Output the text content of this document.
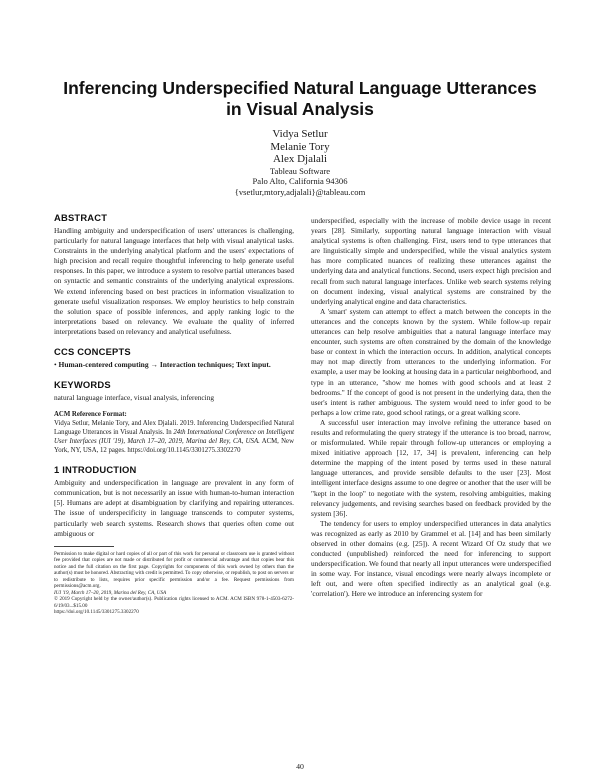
Inferencing Underspecified Natural Language Utterances in Visual Analysis
Vidya Setlur
Melanie Tory
Alex Djalali
Tableau Software
Palo Alto, California 94306
{vsetlur,mtory,adjalali}@tableau.com
ABSTRACT

Handling ambiguity and underspecification of users' utterances is challenging, particularly for natural language interfaces that help with visual analytical tasks. Constraints in the underlying analytical platform and the users' expectations of high precision and recall require thoughtful inferencing to help generate useful responses. In this paper, we introduce a system to resolve partial utterances based on syntactic and semantic constraints of the underlying analytical expressions. We extend inferencing based on best practices in information visualization to generate useful visualization responses. We employ heuristics to help constrain the solution space of possible inferences, and apply ranking logic to the interpretations based on relevancy. We evaluate the quality of inferred interpretations based on relevancy and analytical usefulness.

CCS CONCEPTS

• Human-centered computing → Interaction techniques; Text input.

KEYWORDS

natural language interface, visual analysis, inferencing

ACM Reference Format:

Vidya Setlur, Melanie Tory, and Alex Djalali. 2019. Inferencing Underspecified Natural Language Utterances in Visual Analysis. In 24th International Conference on Intelligent User Interfaces (IUI '19), March 17–20, 2019, Marina del Rey, CA, USA. ACM, New York, NY, USA, 12 pages. https://doi.org/10.1145/3301275.3302270

1 INTRODUCTION

Ambiguity and underspecification in language are prevalent in any form of communication, but is not necessarily an issue with human-to-human interaction [5]. Humans are adept at disambiguation by clarifying and repairing utterances. The issue of underspecificity in language transcends to computer systems, particularly web search systems. Research shows that queries often come out ambiguous or

Permission to make digital or hard copies of all or part of this work for personal or classroom use is granted without fee provided that copies are not made or distributed for profit or commercial advantage and that copies bear this notice and the full citation on the first page. Copyrights for components of this work owned by others than the author(s) must be honored. Abstracting with credit is permitted. To copy otherwise, or republish, to post on servers or to redistribute to lists, requires prior specific permission and/or a fee. Request permissions from permissions@acm.org.

IUI '19, March 17–20, 2019, Marina del Rey, CA, USA

© 2019 Copyright held by the owner/author(s). Publication rights licensed to ACM. ACM ISBN 978-1-4503-6272-6/19/03...$15.00

https://doi.org/10.1145/3301275.3302270

underspecified, especially with the increase of mobile device usage in recent years [28]. Similarly, supporting natural language interaction with visual analytical systems is often challenging. First, users tend to type utterances that are linguistically simple and underspecified, while the visual analytics system has more complicated nuances of realizing these utterances against the underlying data and analytical functions. Second, users expect high precision and recall from such natural language interfaces. Unlike web search systems relying on document indexing, visual analytical systems are constrained by the underlying analytical engine and data characteristics.

A 'smart' system can attempt to effect a match between the concepts in the utterances and the concepts known by the system. While follow-up repair utterances can help resolve ambiguities that a natural language interface may encounter, such systems are often constrained by the domain of the knowledge base or context in which the interaction occurs. In addition, analytical concepts may not map directly from utterances to the underlying information. For example, a user may be looking at housing data in a particular neighborhood, and type in an utterance, "show me homes with good schools and at least 2 bedrooms." If the concept of good is not present in the underlying data, then the user's intent is rather ambiguous. The system would need to infer good to be perhaps a low crime rate, good school ratings, or a great walking score.

A successful user interaction may involve refining the utterance based on results and reformulating the query strategy if the utterance is too broad, narrow, or misformulated. While repair through follow-up utterances or employing a mixed initiative approach [12, 17, 34] is prevalent, inferencing can help determine the mapping of the intent posed by terms used in these natural language utterances, and provide sensible defaults to the user [23]. Most intelligent interface designs assume to one degree or another that the user will be "kept in the loop" to negotiate with the system, resolving ambiguities, making relevancy judgements, and revising searches based on feedback provided by the system [36].

The tendency for users to employ underspecified utterances in data analytics was recognized as early as 2010 by Grammel et al. [14] and has been similarly observed in other domains (e.g. [25]). A recent Wizard Of Oz study that we conducted (unpublished) reinforced the need for inferencing to support underspecification. We found that nearly all input utterances were underspecified in some way. For instance, visual encodings were nearly always incomplete or left out, and were often specified indirectly as an analytical goal (e.g. 'correlation'). Here we introduce an inferencing system for

40
